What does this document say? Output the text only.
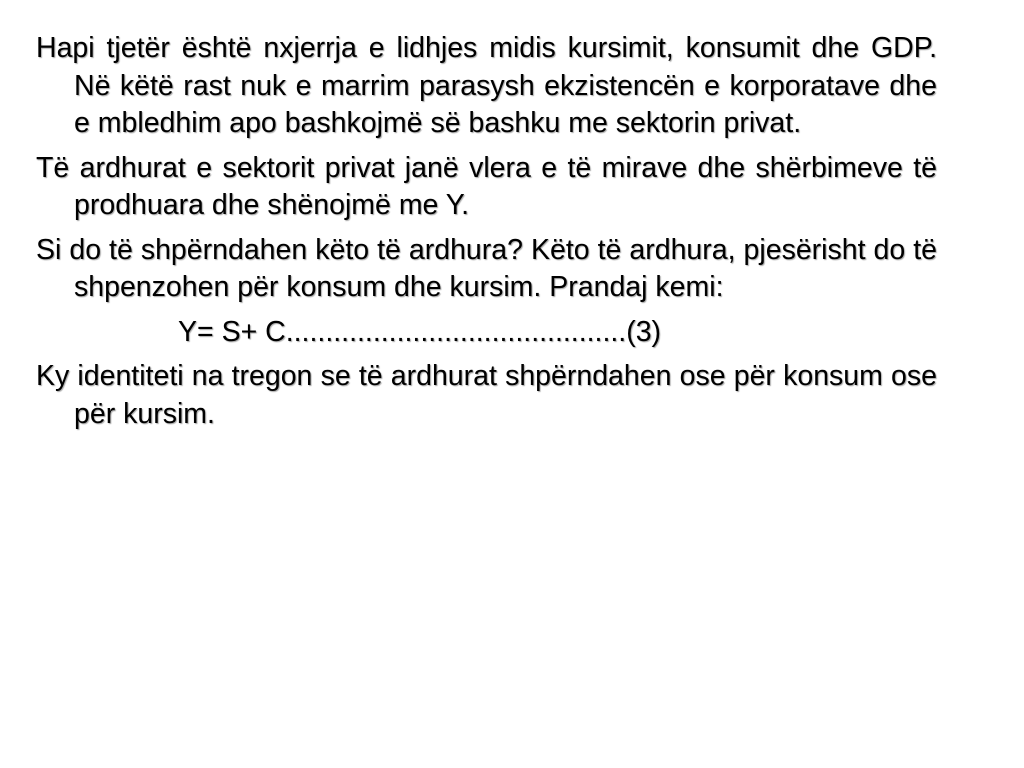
Hapi tjetër është nxjerrja e lidhjes midis kursimit, konsumit dhe GDP. Në këtë rast nuk e marrim parasysh ekzistencën e korporatave dhe e mbledhim apo bashkojmë së bashku me sektorin privat.

Të ardhurat e sektorit privat janë vlera e të mirave dhe shërbimeve të prodhuara dhe shënojmë me Y.

Si do të shpërndahen këto të ardhura? Këto të ardhura, pjesërisht do të shpenzohen për konsum dhe kursim. Prandaj kemi:

Y= S+ C...........................................(3)

Ky identiteti na tregon se të ardhurat shpërndahen ose për konsum ose për kursim.
